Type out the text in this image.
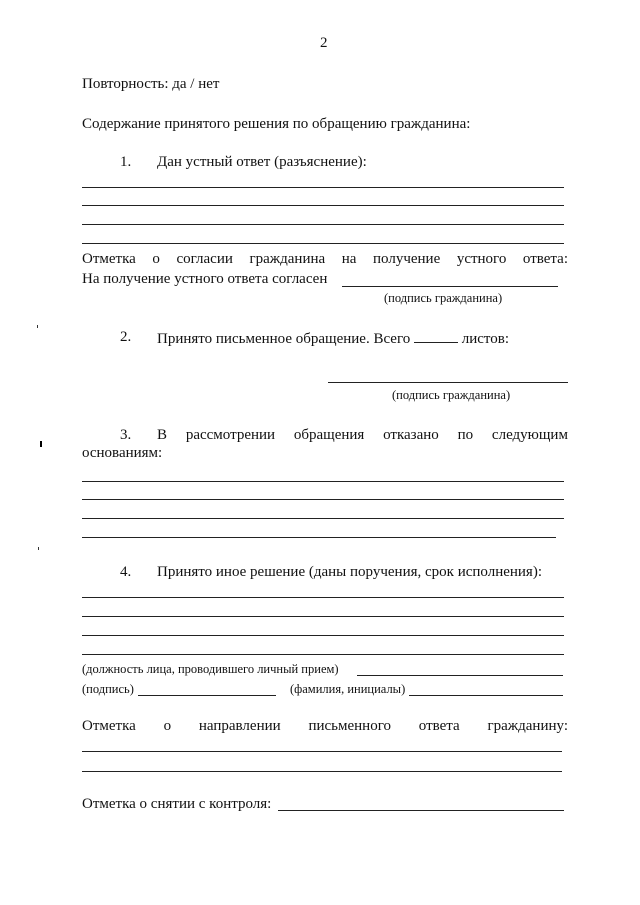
2
Повторность: да / нет
Содержание принятого решения по обращению гражданина:
1. Дан устный ответ (разъяснение):
Отметка о согласии гражданина на получение устного ответа:
На получение устного ответа согласен
(подпись гражданина)
2. Принято письменное обращение. Всего	листов:
(подпись гражданина)
3. В рассмотрении обращения отказано по следующим
основаниям:
4. Принято иное решение (даны поручения, срок исполнения):
(должность лица, проводившего личный прием)
(подпись)	(фамилия, инициалы)
Отметка о направлении письменного ответа гражданину:
Отметка о снятии с контроля:
